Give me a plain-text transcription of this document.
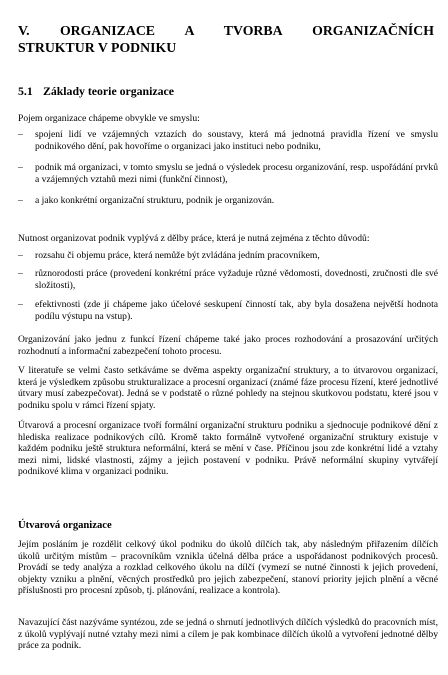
V. ORGANIZACE A TVORBA ORGANIZAČNÍCH
STRUKTUR V PODNIKU
5.1 Základy teorie organizace

Pojem organizace chápeme obvykle ve smyslu:

–	spojení lidí ve vzájemných vztazích do soustavy, která má jednotná pravidla řízení ve smyslu podnikového dění, pak hovoříme o organizaci jako instituci nebo podniku,
–	podnik má organizaci, v tomto smyslu se jedná o výsledek procesu organizování, resp. uspořádání prvků a vzájemných vztahů mezi nimi (funkční činnost),
–	a jako konkrétní organizační strukturu, podnik je organizován.

Nutnost organizovat podnik vyplývá z dělby práce, která je nutná zejména z těchto důvodů:

–	rozsahu či objemu práce, která nemůže být zvládána jedním pracovníkem,
–	různorodosti práce (provedení konkrétní práce vyžaduje různé vědomosti, dovednosti, zručnosti dle své složitosti),
–	efektivnosti (zde ji chápeme jako účelové seskupení činností tak, aby byla dosažena největší hodnota podílu výstupu na vstup).

Organizování jako jednu z funkcí řízení chápeme také jako proces rozhodování a prosazování určitých rozhodnutí a informační zabezpečení tohoto procesu.

V literatuře se velmi často setkáváme se dvěma aspekty organizační struktury, a to útvarovou organizací, která je výsledkem způsobu strukturalizace a procesní organizací (známé fáze procesu řízení, které jednotlivé útvary musí zabezpečovat). Jedná se v podstatě o různé pohledy na stejnou skutkovou podstatu, které jsou v podniku spolu v rámci řízení spjaty.

Útvarová a procesní organizace tvoří formální organizační strukturu podniku a sjednocuje podnikové dění z hlediska realizace podnikových cílů. Kromě takto formálně vytvořené organizační struktury existuje v každém podniku ještě struktura neformální, která se mění v čase. Příčinou jsou zde konkrétní lidé a vztahy mezi nimi, lidské vlastnosti, zájmy a jejich postavení v podniku. Právě neformální skupiny vytvářejí podnikové klima v organizaci podniku.

Útvarová organizace

Jejím posláním je rozdělit celkový úkol podniku do úkolů dílčích tak, aby následným přiřazením dílčích úkolů určitým místům – pracovníkům vznikla účelná dělba práce a uspořádanost podnikových procesů. Provádí se tedy analýza a rozklad celkového úkolu na dílčí (vymezí se nutné činnosti k jejich provedení, objekty vzniku a plnění, věcných prostředků pro jejich zabezpečení, stanoví priority jejich plnění a věcné příslušnosti pro procesní způsob, tj. plánování, realizace a kontrola).

Navazující část nazýváme syntézou, zde se jedná o shrnutí jednotlivých dílčích výsledků do pracovních míst, z úkolů vyplývají nutné vztahy mezi nimi a cílem je pak kombinace dílčích úkolů a vytvoření jednotné dělby práce za podnik.
